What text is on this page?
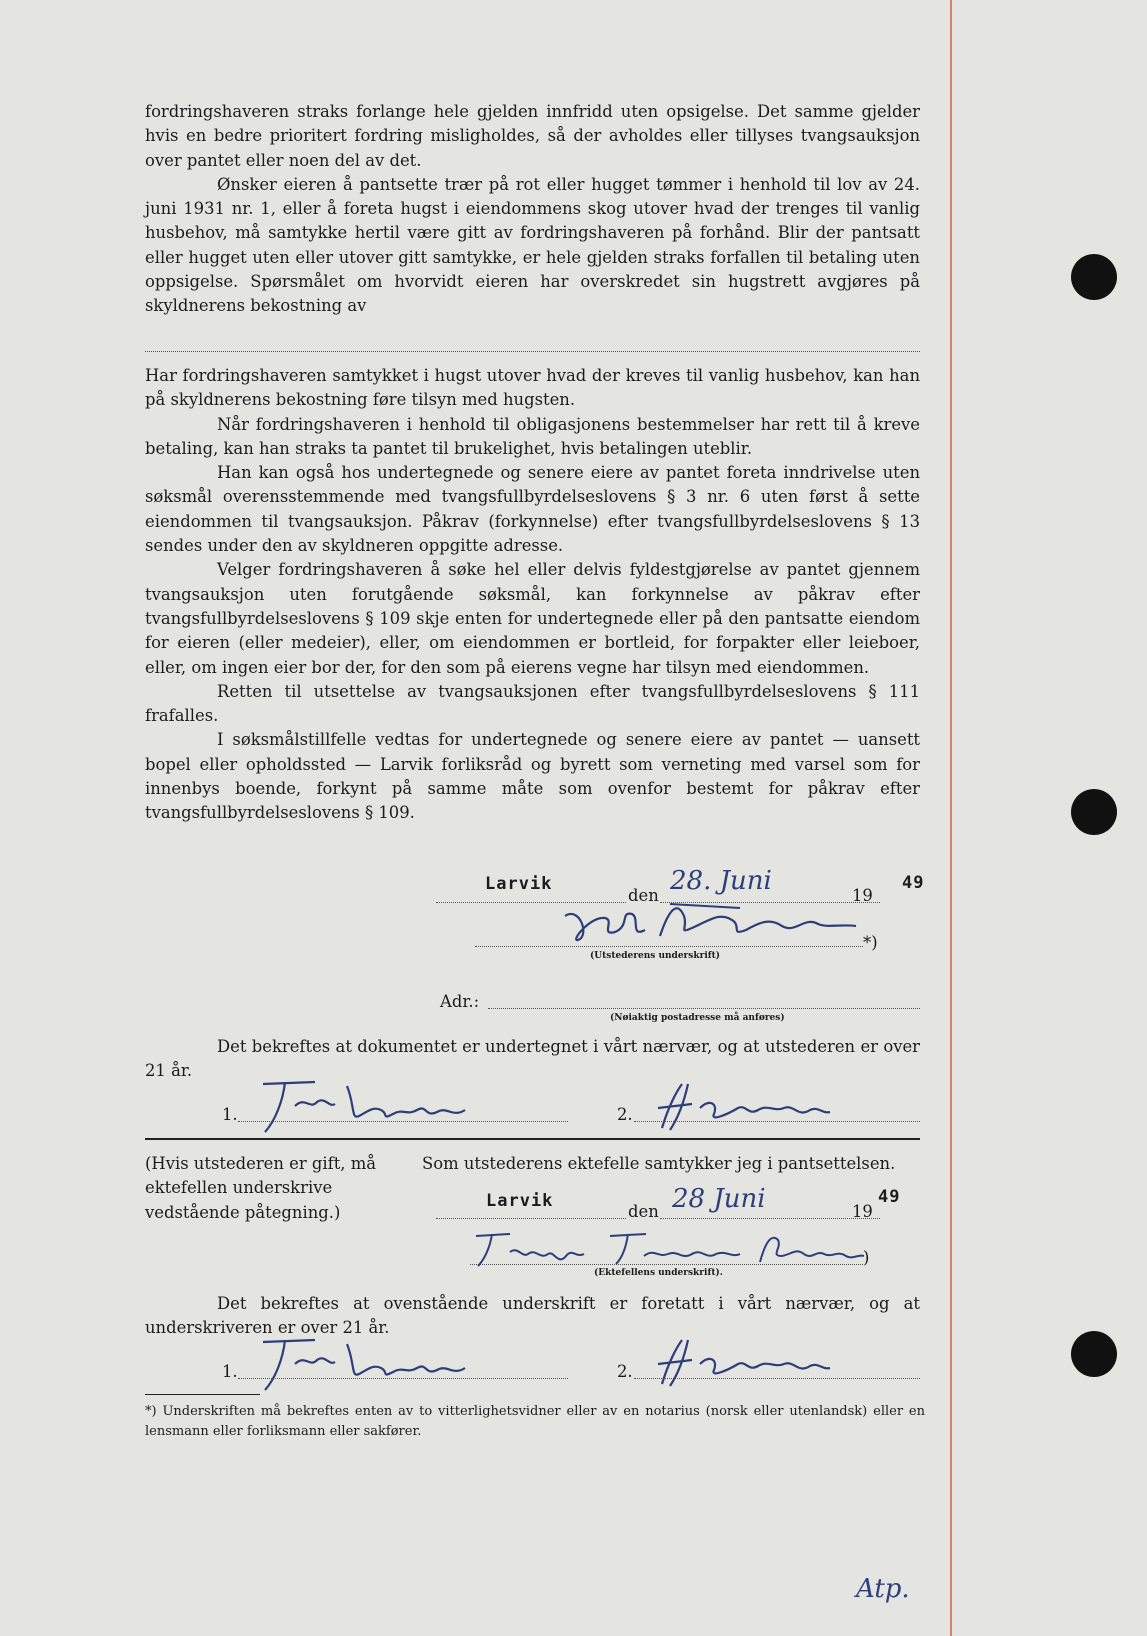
fordringshaveren straks forlange hele gjelden innfridd uten opsigelse. Det samme gjelder hvis en bedre prioritert fordring misligholdes, så der avholdes eller tillyses tvangsauksjon over pantet eller noen del av det.

Ønsker eieren å pantsette trær på rot eller hugget tømmer i henhold til lov av 24. juni 1931 nr. 1, eller å foreta hugst i eiendommens skog utover hvad der trenges til vanlig husbehov, må samtykke hertil være gitt av fordringshaveren på forhånd. Blir der pantsatt eller hugget uten eller utover gitt samtykke, er hele gjelden straks forfallen til betaling uten oppsigelse. Spørsmålet om hvorvidt eieren har overskredet sin hugstrett avgjøres på skyldnerens bekostning av

Har fordringshaveren samtykket i hugst utover hvad der kreves til vanlig husbehov, kan han på skyldnerens bekostning føre tilsyn med hugsten.

Når fordringshaveren i henhold til obligasjonens bestemmelser har rett til å kreve betaling, kan han straks ta pantet til brukelighet, hvis betalingen uteblir.

Han kan også hos undertegnede og senere eiere av pantet foreta inndrivelse uten søksmål overensstemmende med tvangsfullbyrdelseslovens § 3 nr. 6 uten først å sette eiendommen til tvangsauksjon. Påkrav (forkynnelse) efter tvangsfullbyrdelseslovens § 13 sendes under den av skyldneren oppgitte adresse.

Velger fordringshaveren å søke hel eller delvis fyldestgjørelse av pantet gjennem tvangsauksjon uten forutgående søksmål, kan forkynnelse av påkrav efter tvangsfullbyrdelseslovens § 109 skje enten for undertegnede eller på den pantsatte eiendom for eieren (eller medeier), eller, om eiendommen er bortleid, for forpakter eller leieboer, eller, om ingen eier bor der, for den som på eierens vegne har tilsyn med eiendommen.

Retten til utsettelse av tvangsauksjonen efter tvangsfullbyrdelseslovens § 111 frafalles.

I søksmålstillfelle vedtas for undertegnede og senere eiere av pantet — uansett bopel eller opholdssted — Larvik forliksråd og byrett som verneting med varsel som for innenbys boende, forkynt på samme måte som ovenfor bestemt for påkrav efter tvangsfullbyrdelseslovens § 109.

Larvik
den 28. Juni	19
49
*)
(Utstederens underskrift)
Adr.:
(Nøiaktig postadresse må anføres)

Det bekreftes at dokumentet er undertegnet i vårt nærvær, og at utstederen er over 21 år.

1.	2.
(Hvis utstederen er gift, må ektefellen underskrive vedstående påtegning.)
Som utstederens ektefelle samtykker jeg i pantsettelsen.
Larvik
den 28 Juni	19
49
)
(Ektefellens underskrift).

Det bekreftes at ovenstående underskrift er foretatt i vårt nærvær, og at underskriveren er over 21 år.

1.	2.

*) Underskriften må bekreftes enten av to vitterlighetsvidner eller av en notarius (norsk eller utenlandsk) eller en lensmann eller forliksmann eller sakfører.

Atp.
